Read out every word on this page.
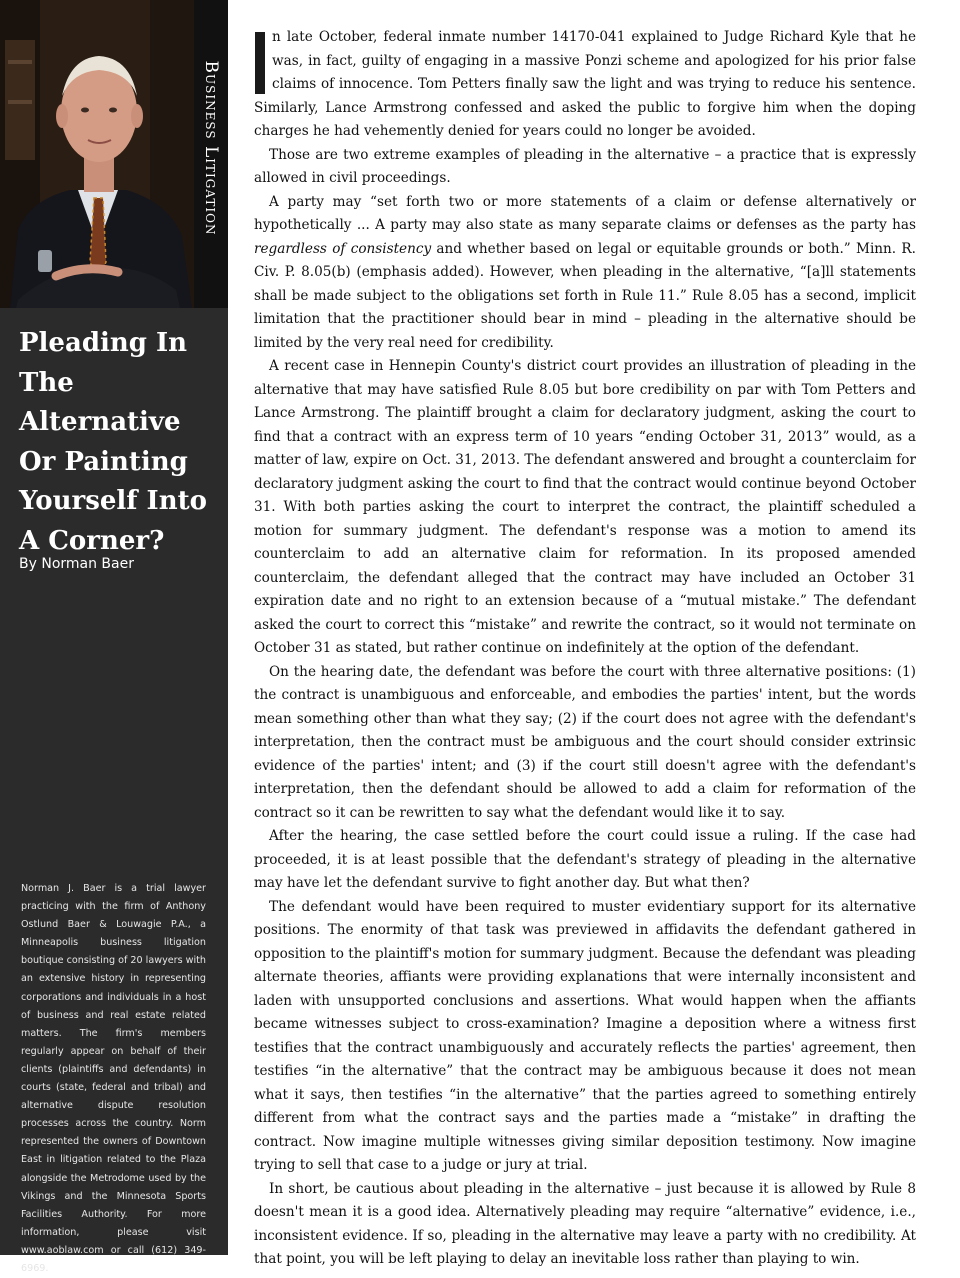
Business Litigation
Pleading In The Alternative Or Painting Yourself Into A Corner?

By Norman Baer

Norman J. Baer is a trial lawyer practicing with the firm of Anthony Ostlund Baer & Louwagie P.A., a Minneapolis business litigation boutique consisting of 20 lawyers with an extensive history in representing corporations and individuals in a host of business and real estate related matters. The firm's members regularly appear on behalf of their clients (plaintiffs and defendants) in courts (state, federal and tribal) and alternative dispute resolution processes across the country. Norm represented the owners of Downtown East in litigation related to the Plaza alongside the Metrodome used by the Vikings and the Minnesota Sports Facilities Authority. For more information, please visit www.aoblaw.com or call (612) 349-6969.

n late October, federal inmate number 14170-041 explained to Judge Richard Kyle that he was, in fact, guilty of engaging in a massive Ponzi scheme and apologized for his prior false claims of innocence. Tom Petters finally saw the light and was trying to reduce his sentence. Similarly, Lance Armstrong confessed and asked the public to forgive him when the doping charges he had vehemently denied for years could no longer be avoided.

Those are two extreme examples of pleading in the alternative – a practice that is expressly allowed in civil proceedings.

A party may “set forth two or more statements of a claim or defense alternatively or hypothetically ... A party may also state as many separate claims or defenses as the party has regardless of consistency and whether based on legal or equitable grounds or both.” Minn. R. Civ. P. 8.05(b) (emphasis added). However, when pleading in the alternative, “[a]ll statements shall be made subject to the obligations set forth in Rule 11.” Rule 8.05 has a second, implicit limitation that the practitioner should bear in mind – pleading in the alternative should be limited by the very real need for credibility.

A recent case in Hennepin County's district court provides an illustration of pleading in the alternative that may have satisfied Rule 8.05 but bore credibility on par with Tom Petters and Lance Armstrong. The plaintiff brought a claim for declaratory judgment, asking the court to find that a contract with an express term of 10 years “ending October 31, 2013” would, as a matter of law, expire on Oct. 31, 2013. The defendant answered and brought a counterclaim for declaratory judgment asking the court to find that the contract would continue beyond October 31. With both parties asking the court to interpret the contract, the plaintiff scheduled a motion for summary judgment. The defendant's response was a motion to amend its counterclaim to add an alternative claim for reformation. In its proposed amended counterclaim, the defendant alleged that the contract may have included an October 31 expiration date and no right to an extension because of a “mutual mistake.” The defendant asked the court to correct this “mistake” and rewrite the contract, so it would not terminate on October 31 as stated, but rather continue on indefinitely at the option of the defendant.

On the hearing date, the defendant was before the court with three alternative positions: (1) the contract is unambiguous and enforceable, and embodies the parties' intent, but the words mean something other than what they say; (2) if the court does not agree with the defendant's interpretation, then the contract must be ambiguous and the court should consider extrinsic evidence of the parties' intent; and (3) if the court still doesn't agree with the defendant's interpretation, then the defendant should be allowed to add a claim for reformation of the contract so it can be rewritten to say what the defendant would like it to say.

After the hearing, the case settled before the court could issue a ruling. If the case had proceeded, it is at least possible that the defendant's strategy of pleading in the alternative may have let the defendant survive to fight another day. But what then?

The defendant would have been required to muster evidentiary support for its alternative positions. The enormity of that task was previewed in affidavits the defendant gathered in opposition to the plaintiff's motion for summary judgment. Because the defendant was pleading alternate theories, affiants were providing explanations that were internally inconsistent and laden with unsupported conclusions and assertions. What would happen when the affiants became witnesses subject to cross-examination? Imagine a deposition where a witness first testifies that the contract unambiguously and accurately reflects the parties' agreement, then testifies “in the alternative” that the contract may be ambiguous because it does not mean what it says, then testifies “in the alternative” that the parties agreed to something entirely different from what the contract says and the parties made a “mistake” in drafting the contract. Now imagine multiple witnesses giving similar deposition testimony. Now imagine trying to sell that case to a judge or jury at trial.

In short, be cautious about pleading in the alternative – just because it is allowed by Rule 8 doesn't mean it is a good idea. Alternatively pleading may require “alternative” evidence, i.e., inconsistent evidence. If so, pleading in the alternative may leave a party with no credibility. At that point, you will be left playing to delay an inevitable loss rather than playing to win.
